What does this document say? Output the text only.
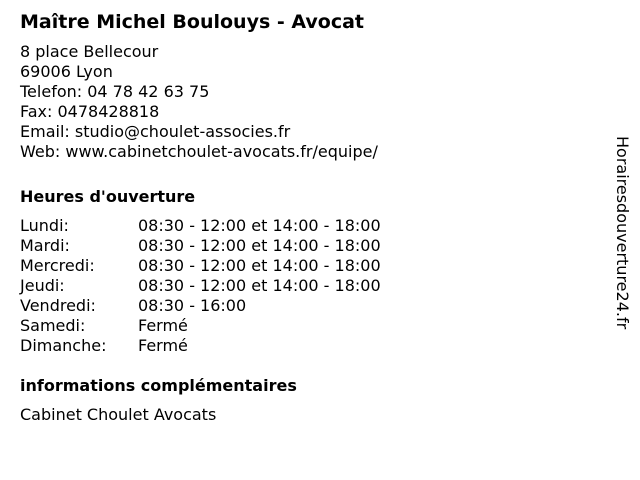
Maître Michel Boulouys - Avocat
8 place Bellecour
69006 Lyon
Telefon: 04 78 42 63 75
Fax: 0478428818
Email: studio@choulet-associes.fr
Web: www.cabinetchoulet-avocats.fr/equipe/
Heures d'ouverture
Lundi:	08:30 - 12:00 et 14:00 - 18:00
Mardi:	08:30 - 12:00 et 14:00 - 18:00
Mercredi:	08:30 - 12:00 et 14:00 - 18:00
Jeudi:	08:30 - 12:00 et 14:00 - 18:00
Vendredi:	08:30 - 16:00
Samedi:	Fermé
Dimanche:	Fermé
informations complémentaires
Cabinet Choulet Avocats
Horairesdouverture24.fr
